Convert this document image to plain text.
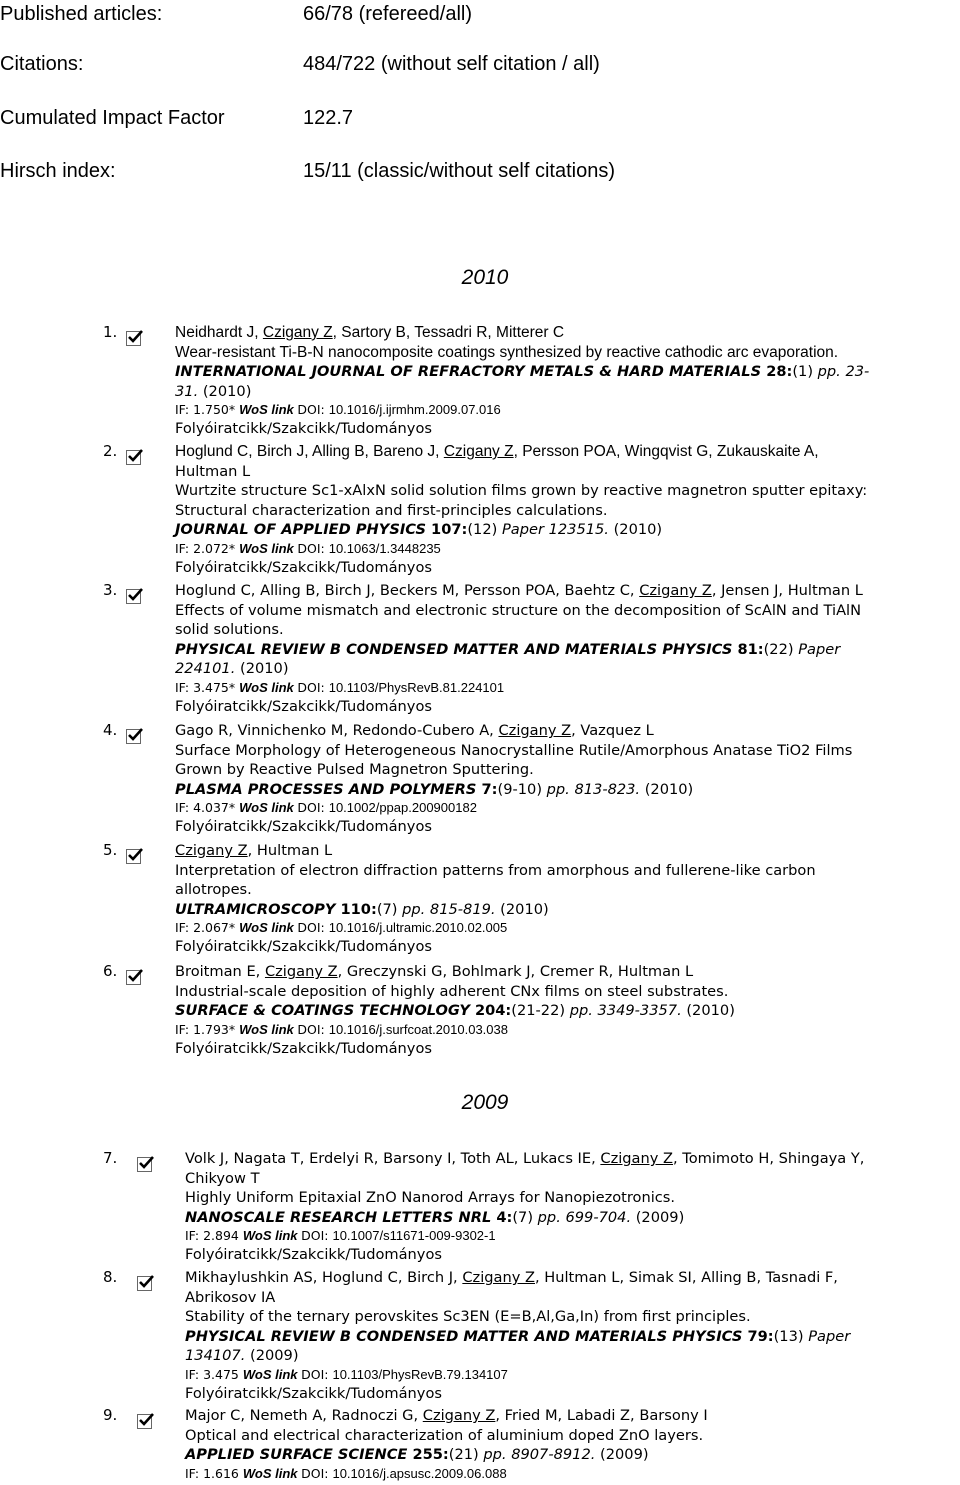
Published articles:	66/78 (refereed/all)
Citations:	484/722 (without self citation / all)
Cumulated Impact Factor	122.7
Hirsch index:	15/11 (classic/without self citations)
2010
2009
1.	Neidhardt J, Czigany Z, Sartory B, Tessadri R, Mitterer C
Wear-resistant Ti-B-N nanocomposite coatings synthesized by reactive cathodic arc evaporation.
INTERNATIONAL JOURNAL OF REFRACTORY METALS & HARD MATERIALS 28:(1) pp. 23-
31. (2010)
IF: 1.750* WoS link DOI: 10.1016/j.ijrmhm.2009.07.016
Folyóiratcikk/Szakcikk/Tudományos
2.	Hoglund C, Birch J, Alling B, Bareno J, Czigany Z, Persson POA, Wingqvist G, Zukauskaite A,
Hultman L
Wurtzite structure Sc1-xAlxN solid solution films grown by reactive magnetron sputter epitaxy:
Structural characterization and first-principles calculations.
JOURNAL OF APPLIED PHYSICS 107:(12) Paper 123515. (2010)
IF: 2.072* WoS link DOI: 10.1063/1.3448235
Folyóiratcikk/Szakcikk/Tudományos
3.	Hoglund C, Alling B, Birch J, Beckers M, Persson POA, Baehtz C, Czigany Z, Jensen J, Hultman L
Effects of volume mismatch and electronic structure on the decomposition of ScAlN and TiAlN
solid solutions.
PHYSICAL REVIEW B CONDENSED MATTER AND MATERIALS PHYSICS 81:(22) Paper
224101. (2010)
IF: 3.475* WoS link DOI: 10.1103/PhysRevB.81.224101
Folyóiratcikk/Szakcikk/Tudományos
4.	Gago R, Vinnichenko M, Redondo-Cubero A, Czigany Z, Vazquez L
Surface Morphology of Heterogeneous Nanocrystalline Rutile/Amorphous Anatase TiO2 Films
Grown by Reactive Pulsed Magnetron Sputtering.
PLASMA PROCESSES AND POLYMERS 7:(9-10) pp. 813-823. (2010)
IF: 4.037* WoS link DOI: 10.1002/ppap.200900182
Folyóiratcikk/Szakcikk/Tudományos
5.	Czigany Z, Hultman L
Interpretation of electron diffraction patterns from amorphous and fullerene-like carbon
allotropes.
ULTRAMICROSCOPY 110:(7) pp. 815-819. (2010)
IF: 2.067* WoS link DOI: 10.1016/j.ultramic.2010.02.005
Folyóiratcikk/Szakcikk/Tudományos
6.	Broitman E, Czigany Z, Greczynski G, Bohlmark J, Cremer R, Hultman L
Industrial-scale deposition of highly adherent CNx films on steel substrates.
SURFACE & COATINGS TECHNOLOGY 204:(21-22) pp. 3349-3357. (2010)
IF: 1.793* WoS link DOI: 10.1016/j.surfcoat.2010.03.038
Folyóiratcikk/Szakcikk/Tudományos
7.	Volk J, Nagata T, Erdelyi R, Barsony I, Toth AL, Lukacs IE, Czigany Z, Tomimoto H, Shingaya Y,
Chikyow T
Highly Uniform Epitaxial ZnO Nanorod Arrays for Nanopiezotronics.
NANOSCALE RESEARCH LETTERS NRL 4:(7) pp. 699-704. (2009)
IF: 2.894 WoS link DOI: 10.1007/s11671-009-9302-1
Folyóiratcikk/Szakcikk/Tudományos
8.	Mikhaylushkin AS, Hoglund C, Birch J, Czigany Z, Hultman L, Simak SI, Alling B, Tasnadi F,
Abrikosov IA
Stability of the ternary perovskites Sc3EN (E=B,Al,Ga,In) from first principles.
PHYSICAL REVIEW B CONDENSED MATTER AND MATERIALS PHYSICS 79:(13) Paper
134107. (2009)
IF: 3.475 WoS link DOI: 10.1103/PhysRevB.79.134107
Folyóiratcikk/Szakcikk/Tudományos
9.	Major C, Nemeth A, Radnoczi G, Czigany Z, Fried M, Labadi Z, Barsony I
Optical and electrical characterization of aluminium doped ZnO layers.
APPLIED SURFACE SCIENCE 255:(21) pp. 8907-8912. (2009)
IF: 1.616 WoS link DOI: 10.1016/j.apsusc.2009.06.088
